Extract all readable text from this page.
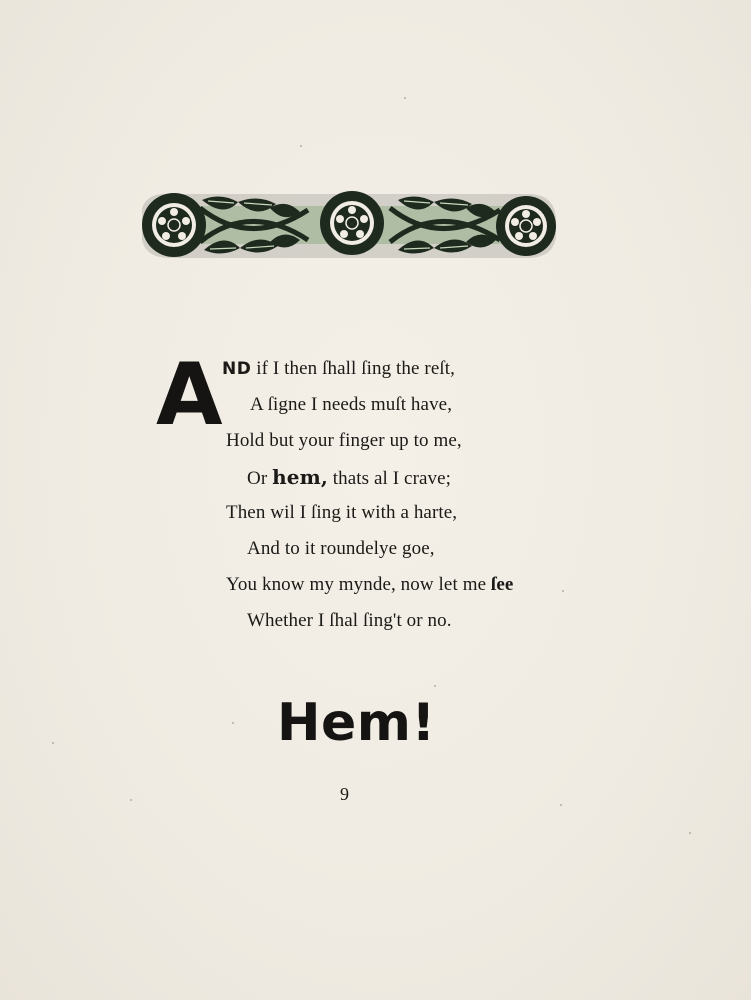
A ND if I then ſhall ſing the reſt,
A ſigne I needs muſt have,
Hold but your finger up to me,
Or hem, thats al I crave;
Then wil I ſing it with a harte,
And to it roundelye goe,
You know my mynde, now let me ſee
Whether I ſhal ſing't or no.
Hem!
9
